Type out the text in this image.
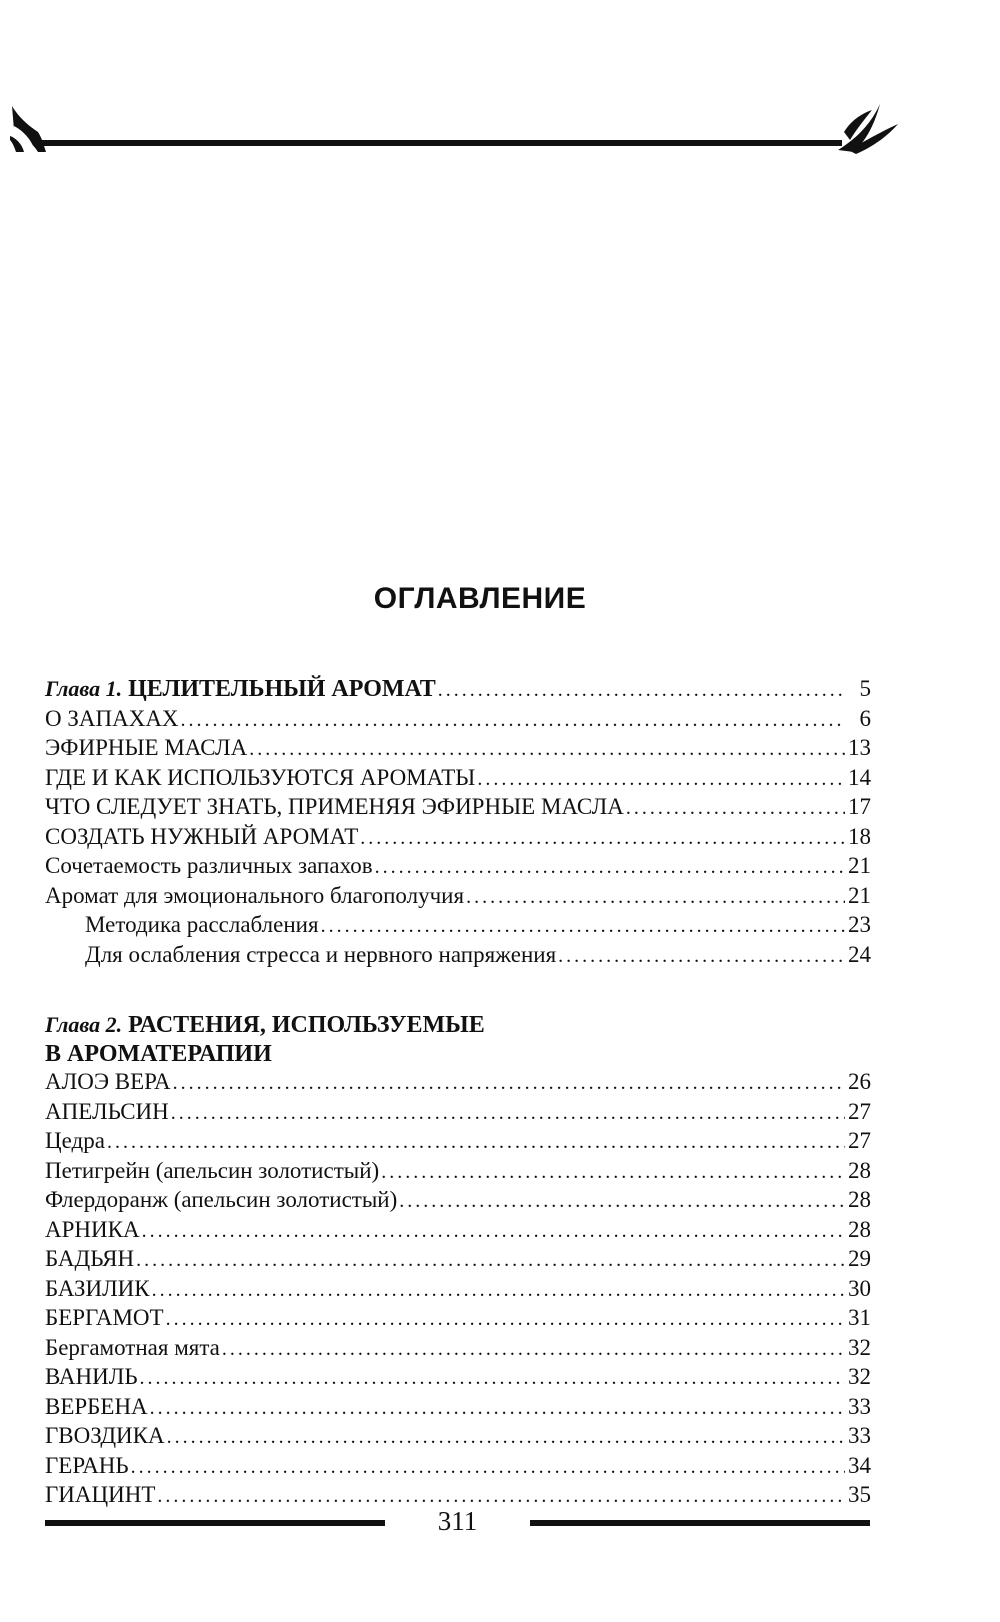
ОГЛАВЛЕНИЕ
Глава 1. ЦЕЛИТЕЛЬНЫЙ АРОМАТ . . .	5
О ЗАПАХАХ . . .	6
ЭФИРНЫЕ МАСЛА . . .	13
ГДЕ И КАК ИСПОЛЬЗУЮТСЯ АРОМАТЫ . . .	14
ЧТО СЛЕДУЕТ ЗНАТЬ, ПРИМЕНЯЯ ЭФИРНЫЕ МАСЛА . . .	17
СОЗДАТЬ НУЖНЫЙ АРОМАТ . . .	18
Сочетаемость различных запахов . . .	21
Аромат для эмоционального благополучия . . .	21
Методика расслабления . . .	23
Для ослабления стресса и нервного напряжения . . .	24
Глава 2. РАСТЕНИЯ, ИСПОЛЬЗУЕМЫЕ
В АРОМАТЕРАПИИ
АЛОЭ ВЕРА . . .	26
АПЕЛЬСИН . . .	27
Цедра . . .	27
Петигрейн (апельсин золотистый) . . .	28
Флердоранж (апельсин золотистый) . . .	28
АРНИКА . . .	28
БАДЬЯН . . .	29
БАЗИЛИК . . .	30
БЕРГАМОТ . . .	31
Бергамотная мята . . .	32
ВАНИЛЬ . . .	32
ВЕРБЕНА . . .	33
ГВОЗДИКА . . .	33
ГЕРАНЬ . . .	34
ГИАЦИНТ . . .	35
311
